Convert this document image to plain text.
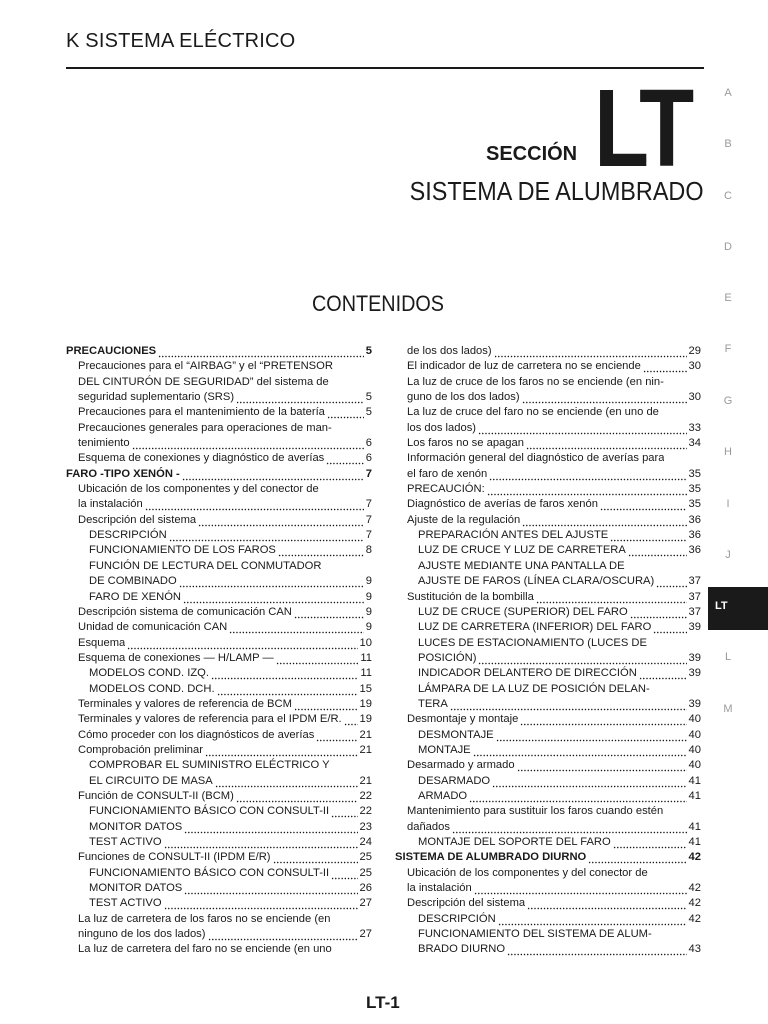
K SISTEMA ELÉCTRICO
SECCIÓN LT
SISTEMA DE ALUMBRADO
CONTENIDOS
A
B
C
D
E
F
G
H
I
J
LT
L
M
PRECAUCIONES	5
Precauciones para el “AIRBAG” y el “PRETENSOR
DEL CINTURÓN DE SEGURIDAD” del sistema de
seguridad suplementario (SRS)	5
Precauciones para el mantenimiento de la batería	5
Precauciones generales para operaciones de man-
tenimiento	6
Esquema de conexiones y diagnóstico de averías	6
FARO -TIPO XENÓN -	7
Ubicación de los componentes y del conector de
la instalación	7
Descripción del sistema	7
DESCRIPCIÓN	7
FUNCIONAMIENTO DE LOS FAROS	8
FUNCIÓN DE LECTURA DEL CONMUTADOR
DE COMBINADO	9
FARO DE XENÓN	9
Descripción sistema de comunicación CAN	9
Unidad de comunicación CAN	9
Esquema	10
Esquema de conexiones — H/LAMP —	11
MODELOS COND. IZQ.	11
MODELOS COND. DCH.	15
Terminales y valores de referencia de BCM	19
Terminales y valores de referencia para el IPDM E/R. 19
Cómo proceder con los diagnósticos de averías	21
Comprobación preliminar	21
COMPROBAR EL SUMINISTRO ELÉCTRICO Y
EL CIRCUITO DE MASA	21
Función de CONSULT-II (BCM)	22
FUNCIONAMIENTO BÁSICO CON CONSULT-II	22
MONITOR DATOS	23
TEST ACTIVO	24
Funciones de CONSULT-II (IPDM E/R)	25
FUNCIONAMIENTO BÁSICO CON CONSULT-II	25
MONITOR DATOS	26
TEST ACTIVO	27
La luz de carretera de los faros no se enciende (en
ninguno de los dos lados)	27
La luz de carretera del faro no se enciende (en uno
de los dos lados)	29
El indicador de luz de carretera no se enciende	30
La luz de cruce de los faros no se enciende (en nin-
guno de los dos lados)	30
La luz de cruce del faro no se enciende (en uno de
los dos lados)	33
Los faros no se apagan	34
Información general del diagnóstico de averías para
el faro de xenón	35
PRECAUCIÓN:	35
Diagnóstico de averías de faros xenón	35
Ajuste de la regulación	36
PREPARACIÓN ANTES DEL AJUSTE	36
LUZ DE CRUCE Y LUZ DE CARRETERA	36
AJUSTE MEDIANTE UNA PANTALLA DE
AJUSTE DE FAROS (LÍNEA CLARA/OSCURA)	37
Sustitución de la bombilla	37
LUZ DE CRUCE (SUPERIOR) DEL FARO	37
LUZ DE CARRETERA (INFERIOR) DEL FARO	39
LUCES DE ESTACIONAMIENTO (LUCES DE
POSICIÓN)	39
INDICADOR DELANTERO DE DIRECCIÓN	39
LÁMPARA DE LA LUZ DE POSICIÓN DELAN-
TERA	39
Desmontaje y montaje	40
DESMONTAJE	40
MONTAJE	40
Desarmado y armado	40
DESARMADO	41
ARMADO	41
Mantenimiento para sustituir los faros cuando estén
dañados	41
MONTAJE DEL SOPORTE DEL FARO	41
SISTEMA DE ALUMBRADO DIURNO	42
Ubicación de los componentes y del conector de
la instalación	42
Descripción del sistema	42
DESCRIPCIÓN	42
FUNCIONAMIENTO DEL SISTEMA DE ALUM-
BRADO DIURNO	43
LT-1
